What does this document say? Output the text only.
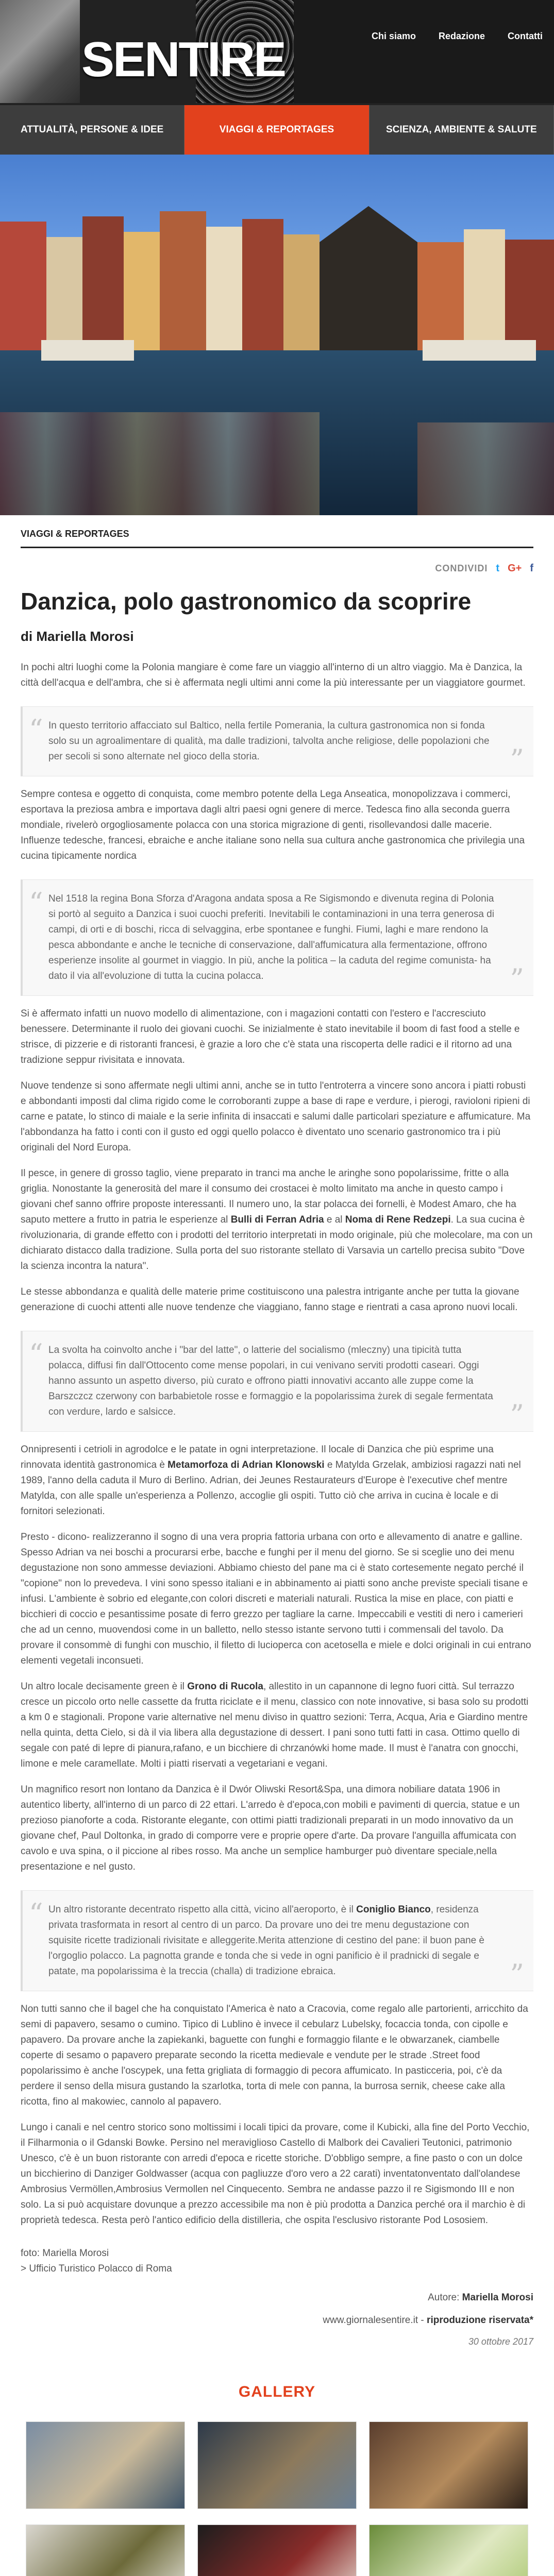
SENTIRE	Chi siamo	Redazione	Contatti
ATTUALITÀ, PERSONE & IDEE	VIAGGI & REPORTAGES	SCIENZA, AMBIENTE & SALUTE
VIAGGI & REPORTAGES
CONDIVIDI t G+ f
Danzica, polo gastronomico da scoprire
di Mariella Morosi

In pochi altri luoghi come la Polonia mangiare è come fare un viaggio all'interno di un altro viaggio. Ma è Danzica, la città dell'acqua e dell'ambra, che si è affermata negli ultimi anni come la più interessante per un viaggiatore gourmet.

“ In questo territorio affacciato sul Baltico, nella fertile Pomerania, la cultura gastronomica non si fonda solo su un agroalimentare di qualità, ma dalle tradizioni, talvolta anche religiose, delle popolazioni che per secoli si sono alternate nel gioco della storia.	”

Sempre contesa e oggetto di conquista, come membro potente della Lega Anseatica, monopolizzava i commerci, esportava la preziosa ambra e importava dagli altri paesi ogni genere di merce. Tedesca fino alla seconda guerra mondiale, rivelerò orgogliosamente polacca con una storica migrazione di genti, risollevandosi dalle macerie. Influenze tedesche, francesi, ebraiche e anche italiane sono nella sua cultura anche gastronomica che privilegia una cucina tipicamente nordica

“ Nel 1518 la regina Bona Sforza d'Aragona andata sposa a Re Sigismondo e divenuta regina di Polonia si portò al seguito a Danzica i suoi cuochi preferiti. Inevitabili le contaminazioni in una terra generosa di campi, di orti e di boschi, ricca di selvaggina, erbe spontanee e funghi. Fiumi, laghi e mare rendono la pesca abbondante e anche le tecniche di conservazione, dall'affumicatura alla fermentazione, offrono esperienze insolite al gourmet in viaggio. In più, anche la politica – la caduta del regime comunista- ha dato il via all'evoluzione di tutta la cucina polacca.	”

Si è affermato infatti un nuovo modello di alimentazione, con i magazioni contatti con l'estero e l'accresciuto benessere. Determinante il ruolo dei giovani cuochi. Se inizialmente è stato inevitabile il boom di fast food a stelle e strisce, di pizzerie e di ristoranti francesi, è grazie a loro che c'è stata una riscoperta delle radici e il ritorno ad una tradizione seppur rivisitata e innovata.

Nuove tendenze si sono affermate negli ultimi anni, anche se in tutto l'entroterra a vincere sono ancora i piatti robusti e abbondanti imposti dal clima rigido come le corroboranti zuppe a base di rape e verdure, i pierogi, ravioloni ripieni di carne e patate, lo stinco di maiale e la serie infinita di insaccati e salumi dalle particolari speziature e affumicature. Ma l'abbondanza ha fatto i conti con il gusto ed oggi quello polacco è diventato uno scenario gastronomico tra i più originali del Nord Europa.

Il pesce, in genere di grosso taglio, viene preparato in tranci ma anche le aringhe sono popolarissime, fritte o alla griglia. Nonostante la generosità del mare il consumo dei crostacei è molto limitato ma anche in questo campo i giovani chef sanno offrire proposte interessanti. Il numero uno, la star polacca dei fornelli, è Modest Amaro, che ha saputo mettere a frutto in patria le esperienze al Bulli di Ferran Adria e al Noma di Rene Redzepi. La sua cucina è rivoluzionaria, di grande effetto con i prodotti del territorio interpretati in modo originale, più che molecolare, ma con un dichiarato distacco dalla tradizione. Sulla porta del suo ristorante stellato di Varsavia un cartello precisa subito "Dove la scienza incontra la natura".

Le stesse abbondanza e qualità delle materie prime costituiscono una palestra intrigante anche per tutta la giovane generazione di cuochi attenti alle nuove tendenze che viaggiano, fanno stage e rientrati a casa aprono nuovi locali.

“ La svolta ha coinvolto anche i "bar del latte", o latterie del socialismo (mleczny) una tipicità tutta polacca, diffusi fin dall'Ottocento come mense popolari, in cui venivano serviti prodotti caseari. Oggi hanno assunto un aspetto diverso, più curato e offrono piatti innovativi accanto alle zuppe come la Barszczcz czerwony con barbabietole rosse e formaggio e la popolarissima żurek di segale fermentata con verdure, lardo e salsicce.	”

Onnipresenti i cetrioli in agrodolce e le patate in ogni interpretazione. Il locale di Danzica che più esprime una rinnovata identità gastronomica è Metamorfoza di Adrian Klonowski e Matylda Grzelak, ambiziosi ragazzi nati nel 1989, l'anno della caduta il Muro di Berlino. Adrian, dei Jeunes Restaurateurs d'Europe è l'executive chef mentre Matylda, con alle spalle un'esperienza a Pollenzo, accoglie gli ospiti. Tutto ciò che arriva in cucina è locale e di fornitori selezionati.

Presto - dicono- realizzeranno il sogno di una vera propria fattoria urbana con orto e allevamento di anatre e galline. Spesso Adrian va nei boschi a procurarsi erbe, bacche e funghi per il menu del giorno. Se si sceglie uno dei menu degustazione non sono ammesse deviazioni. Abbiamo chiesto del pane ma ci è stato cortesemente negato perché il "copione" non lo prevedeva. I vini sono spesso italiani e in abbinamento ai piatti sono anche previste speciali tisane e infusi. L'ambiente è sobrio ed elegante,con colori discreti e materiali naturali. Rustica la mise en place, con piatti e bicchieri di coccio e pesantissime posate di ferro grezzo per tagliare la carne. Impeccabili e vestiti di nero i camerieri che ad un cenno, muovendosi come in un balletto, nello stesso istante servono tutti i commensali del tavolo. Da provare il consommè di funghi con muschio, il filetto di lucioperca con acetosella e miele e dolci originali in cui entrano elementi vegetali inconsueti.

Un altro locale decisamente green è il Grono di Rucola, allestito in un capannone di legno fuori città. Sul terrazzo cresce un piccolo orto nelle cassette da frutta riciclate e il menu, classico con note innovative, si basa solo su prodotti a km 0 e stagionali. Propone varie alternative nel menu diviso in quattro sezioni: Terra, Acqua, Aria e Giardino mentre nella quinta, detta Cielo, si dà il via libera alla degustazione di dessert. I pani sono tutti fatti in casa. Ottimo quello di segale con paté di lepre di pianura,rafano, e un bicchiere di chrzanówki home made. Il must è l'anatra con gnocchi, limone e mele caramellate. Molti i piatti riservati a vegetariani e vegani.

Un magnifico resort non lontano da Danzica è il Dwór Oliwski Resort&Spa, una dimora nobiliare datata 1906 in autentico liberty, all'interno di un parco di 22 ettari. L'arredo è d'epoca,con mobili e pavimenti di quercia, statue e un prezioso pianoforte a coda. Ristorante elegante, con ottimi piatti tradizionali preparati in un modo innovativo da un giovane chef, Paul Doltonka, in grado di comporre vere e proprie opere d'arte. Da provare l'anguilla affumicata con cavolo e uva spina, o il piccione al ribes rosso. Ma anche un semplice hamburger può diventare speciale,nella presentazione e nel gusto.

“ Un altro ristorante decentrato rispetto alla città, vicino all'aeroporto, è il Coniglio Bianco, residenza privata trasformata in resort al centro di un parco. Da provare uno dei tre menu degustazione con squisite ricette tradizionali rivisitate e alleggerite.Merita attenzione di cestino del pane: il buon pane è l'orgoglio polacco. La pagnotta grande e tonda che si vede in ogni panificio è il pradnicki di segale e patate, ma popolarissima è la treccia (challa) di tradizione ebraica.	”

Non tutti sanno che il bagel che ha conquistato l'America è nato a Cracovia, come regalo alle partorienti, arricchito da semi di papavero, sesamo o cumino. Tipico di Lublino è invece il cebularz Lubelsky, focaccia tonda, con cipolle e papavero. Da provare anche la zapiekanki, baguette con funghi e formaggio filante e le obwarzanek, ciambelle coperte di sesamo o papavero preparate secondo la ricetta medievale e vendute per le strade .Street food popolarissimo è anche l'oscypek, una fetta grigliata di formaggio di pecora affumicato. In pasticceria, poi, c'è da perdere il senso della misura gustando la szarlotka, torta di mele con panna, la burrosa sernik, cheese cake alla ricotta, fino al makowiec, cannolo al papavero.

Lungo i canali e nel centro storico sono moltissimi i locali tipici da provare, come il Kubicki, alla fine del Porto Vecchio, il Filharmonia o il Gdanski Bowke. Persino nel meraviglioso Castello di Malbork dei Cavalieri Teutonici, patrimonio Unesco, c'è è un buon ristorante con arredi d'epoca e ricette storiche. D'obbligo sempre, a fine pasto o con un dolce un bicchierino di Danziger Goldwasser (acqua con pagliuzze d'oro vero a 22 carati) inventatonventato dall'olandese Ambrosius Vermöllen,Ambrosius Vermollen nel Cinquecento. Sembra ne andasse pazzo il re Sigismondo III e non solo. La si può acquistare dovunque a prezzo accessibile ma non è più prodotta a Danzica perché ora il marchio è di proprietà tedesca. Resta però l'antico edificio della distilleria, che ospita l'esclusivo ristorante Pod Lososiem.

foto: Mariella Morosi
> Ufficio Turistico Polacco di Roma
Autore: Mariella Morosi
www.giornalesentire.it - riproduzione riservata*
30 ottobre 2017
GALLERY
